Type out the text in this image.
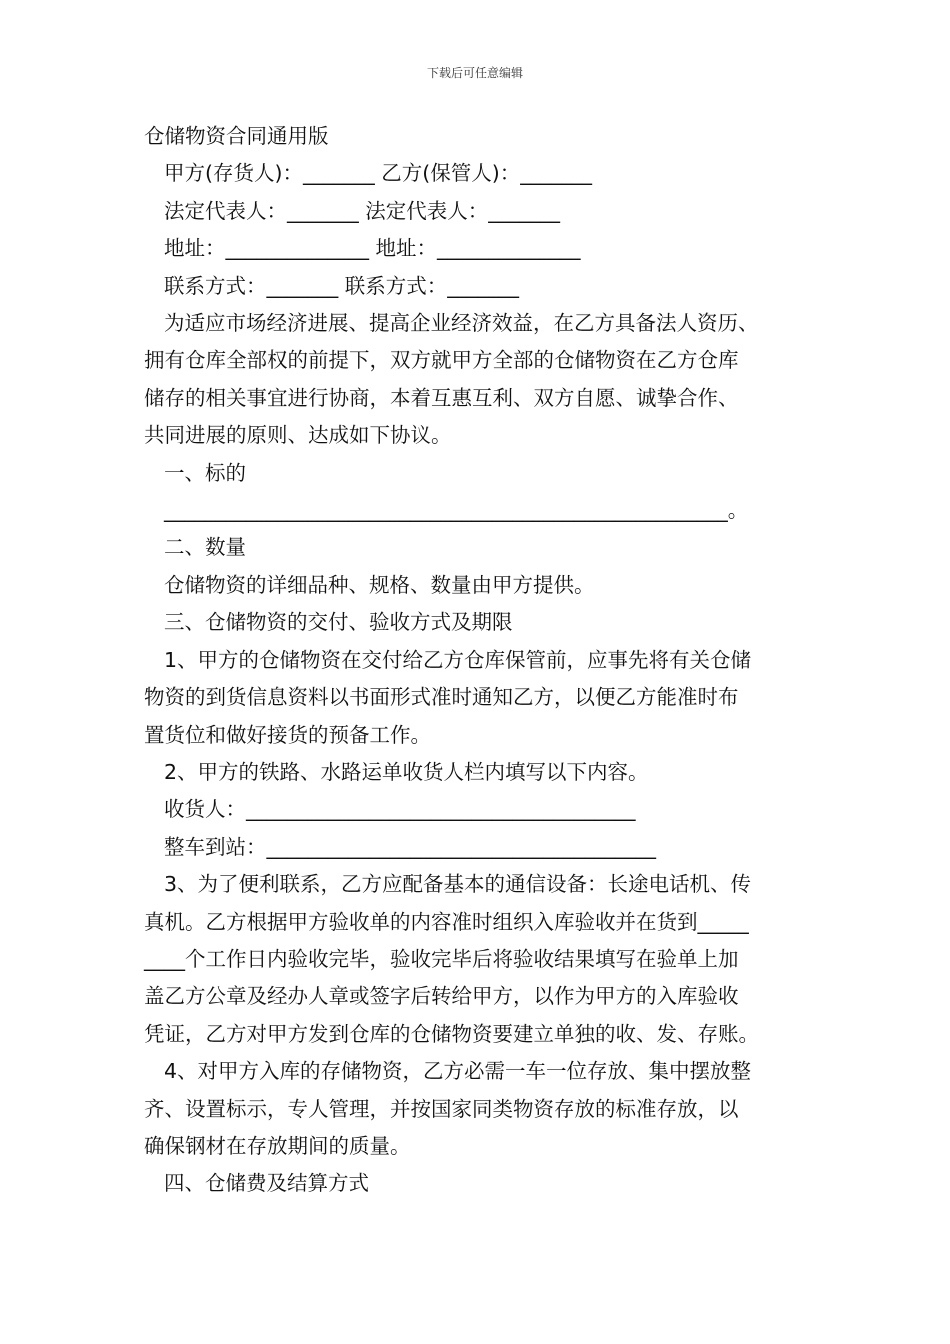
下载后可任意编辑
仓储物资合同通用版
甲方(存货人)：_______ 乙方(保管人)：_______
法定代表人：_______ 法定代表人：_______
地址：______________ 地址：______________
联系方式：_______ 联系方式：_______
为适应市场经济进展、提高企业经济效益，在乙方具备法人资历、
拥有仓库全部权的前提下，双方就甲方全部的仓储物资在乙方仓库
储存的相关事宜进行协商，本着互惠互利、双方自愿、诚挚合作、
共同进展的原则、达成如下协议。
一、标的
_______________________________________________________。
二、数量
仓储物资的详细品种、规格、数量由甲方提供。
三、仓储物资的交付、验收方式及期限
1、甲方的仓储物资在交付给乙方仓库保管前，应事先将有关仓储
物资的到货信息资料以书面形式准时通知乙方，以便乙方能准时布
置货位和做好接货的预备工作。
2、甲方的铁路、水路运单收货人栏内填写以下内容。
收货人：______________________________________
整车到站：______________________________________
3、为了便利联系，乙方应配备基本的通信设备：长途电话机、传
真机。乙方根据甲方验收单的内容准时组织入库验收并在货到_____
____个工作日内验收完毕，验收完毕后将验收结果填写在验单上加
盖乙方公章及经办人章或签字后转给甲方，以作为甲方的入库验收
凭证，乙方对甲方发到仓库的仓储物资要建立单独的收、发、存账。
4、对甲方入库的存储物资，乙方必需一车一位存放、集中摆放整
齐、设置标示，专人管理，并按国家同类物资存放的标准存放，以
确保钢材在存放期间的质量。
四、仓储费及结算方式
